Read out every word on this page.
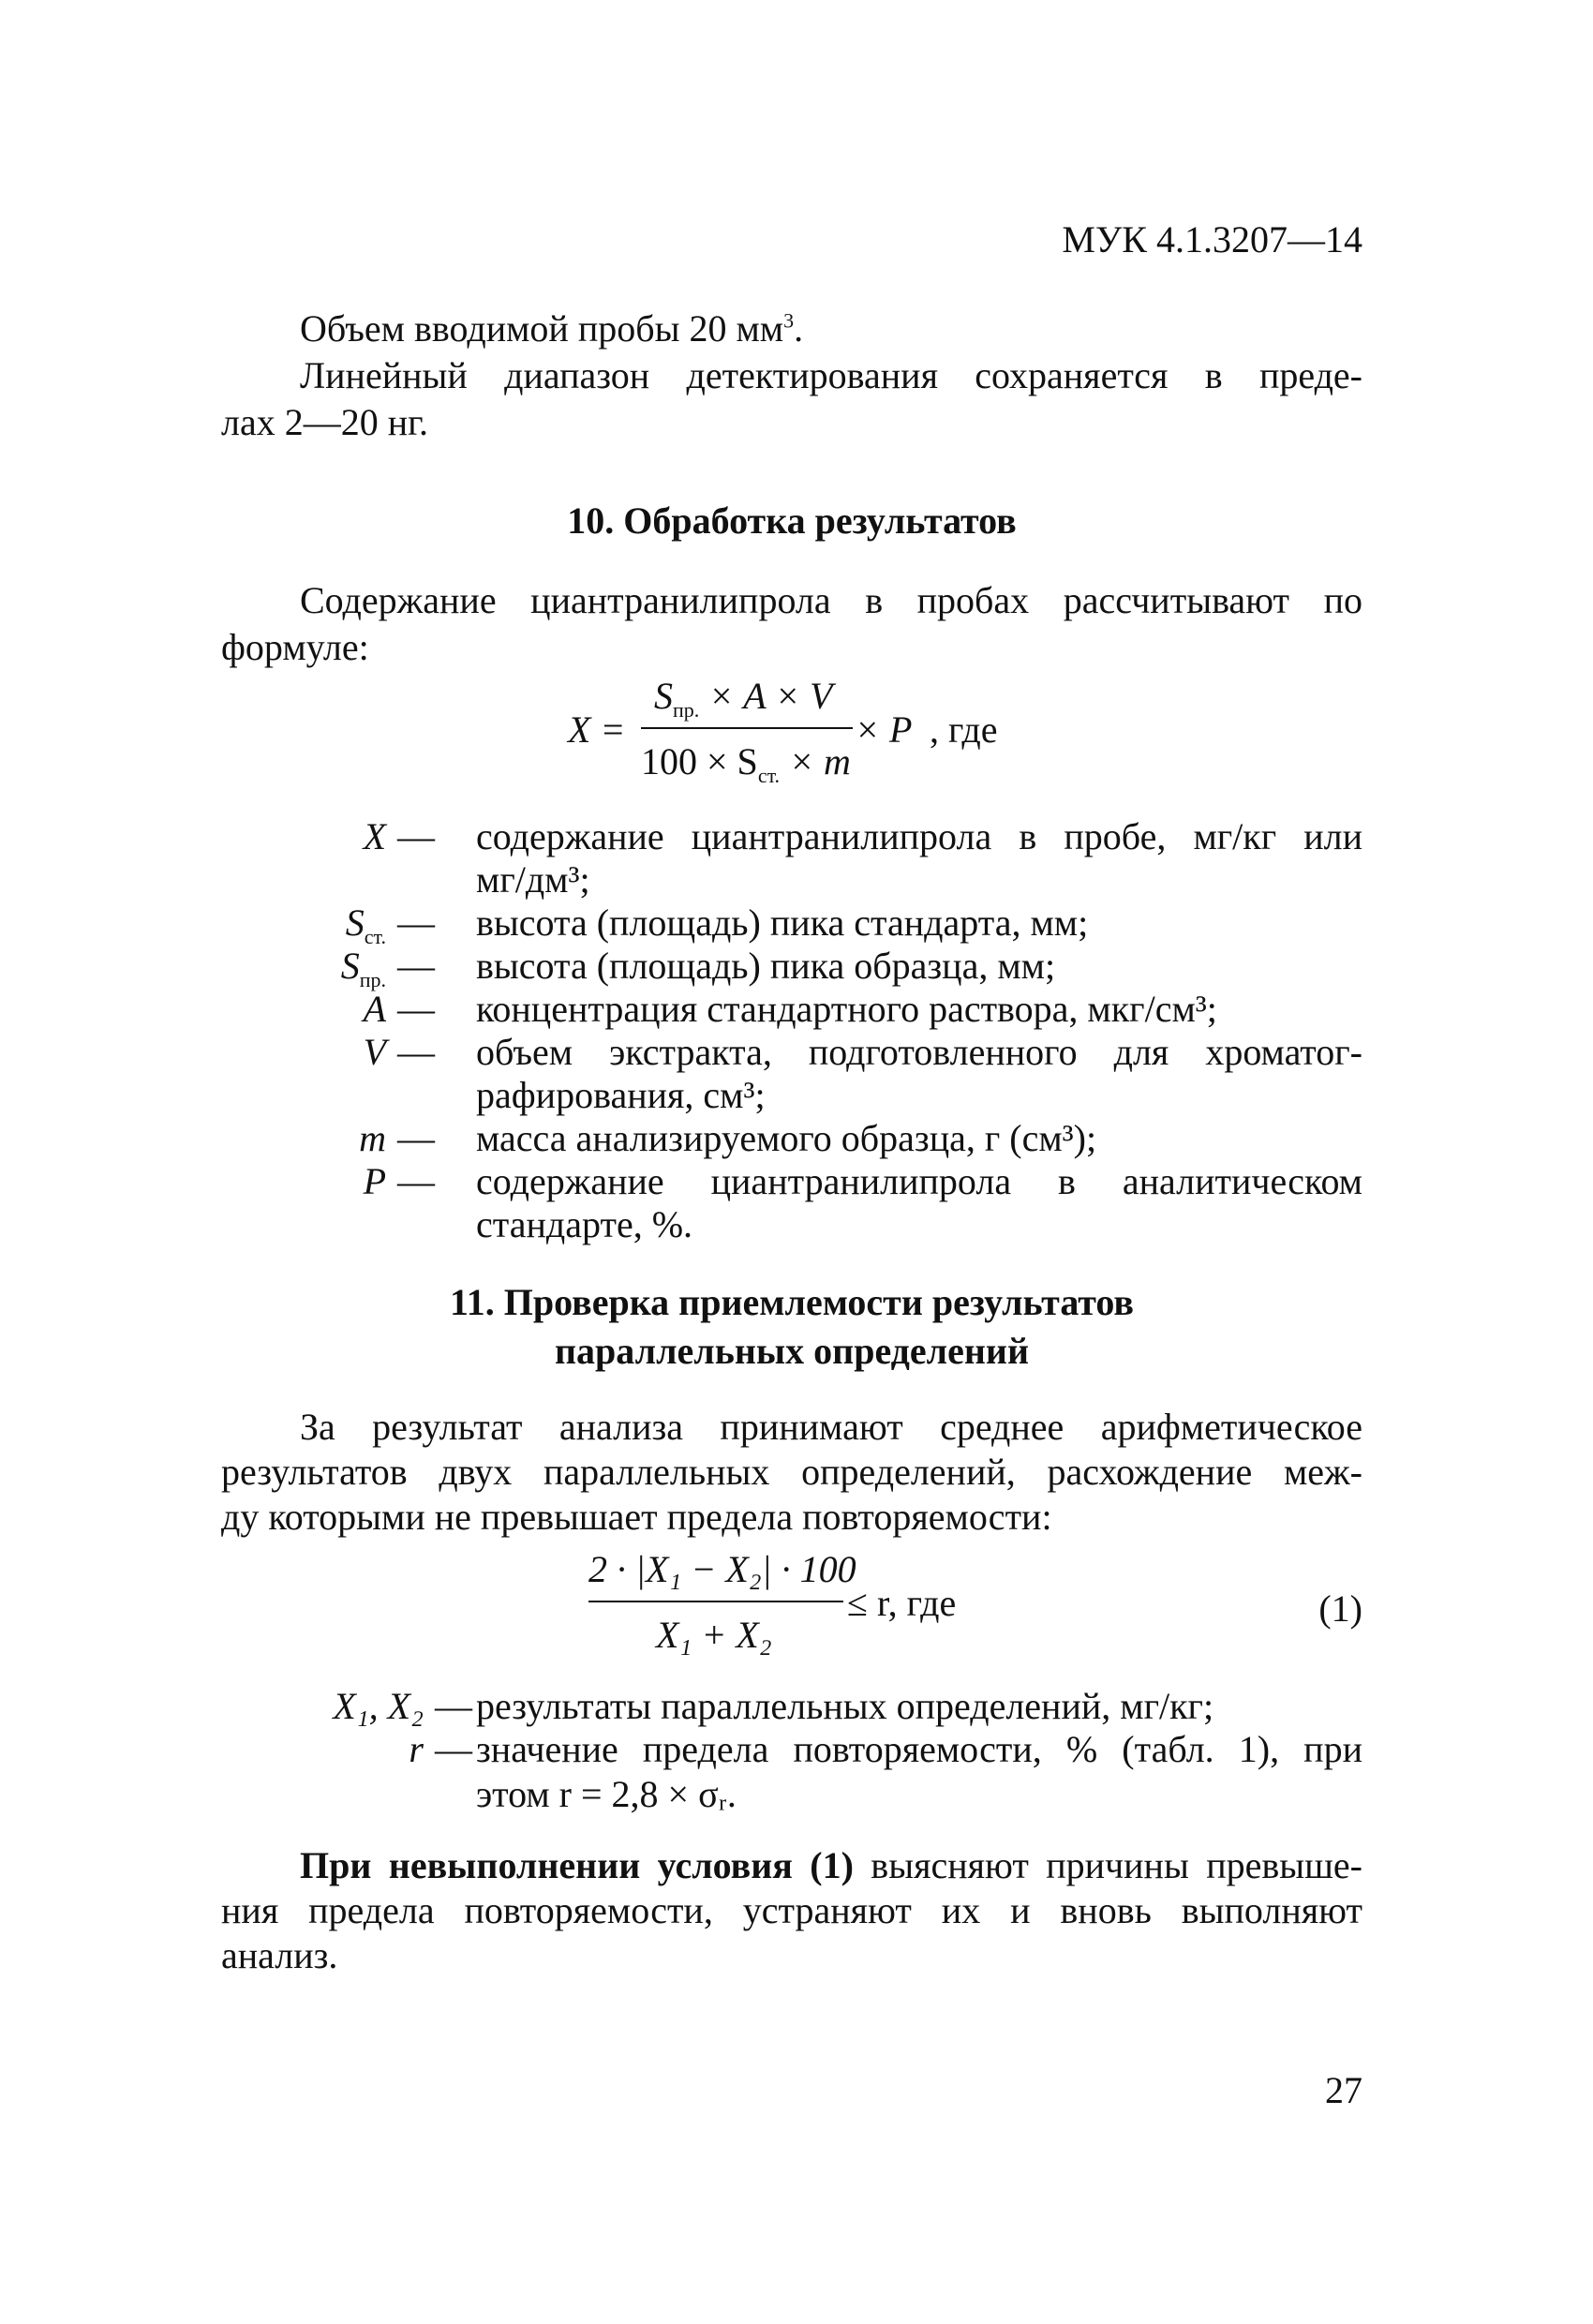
МУК 4.1.3207—14
Объем вводимой пробы 20 $мм^3$.
Линейный диапазон детектирования сохраняется в преде-
лах 2—20 нг.
10. Обработка результатов
Содержание циантранилипрола в пробах рассчитывают по
формуле:
X =
$S_{пр.} \times A \times V$
$100 \times S_{ст.} \times m$
× P , где
X — содержание циантранилипрола в пробе, мг/кг или
мг/дм³;
$S_{ст.}$ — высота (площадь) пика стандарта, мм;
$S_{пр.}$ — высота (площадь) пика образца, мм;
A — концентрация стандартного раствора, мкг/см³;
V — объем экстракта, подготовленного для хроматог-
рафирования, см³;
m — масса анализируемого образца, г (см³);
P — содержание циантранилипрола в аналитическом
стандарте, %.
11. Проверка приемлемости результатов
параллельных определений
За результат анализа принимают среднее арифметическое
результатов двух параллельных определений, расхождение меж-
ду которыми не превышает предела повторяемости:
2 · |X₁ − X₂| · 100
X₁ + X₂
≤ r, где	(1)
X₁, X₂ — результаты параллельных определений, мг/кг;
r — значение предела повторяемости, % (табл. 1), при
этом r = 2,8 × σᵣ.
При невыполнении условия (1) выясняют причины превыше-
ния предела повторяемости, устраняют их и вновь выполняют
анализ.
27
